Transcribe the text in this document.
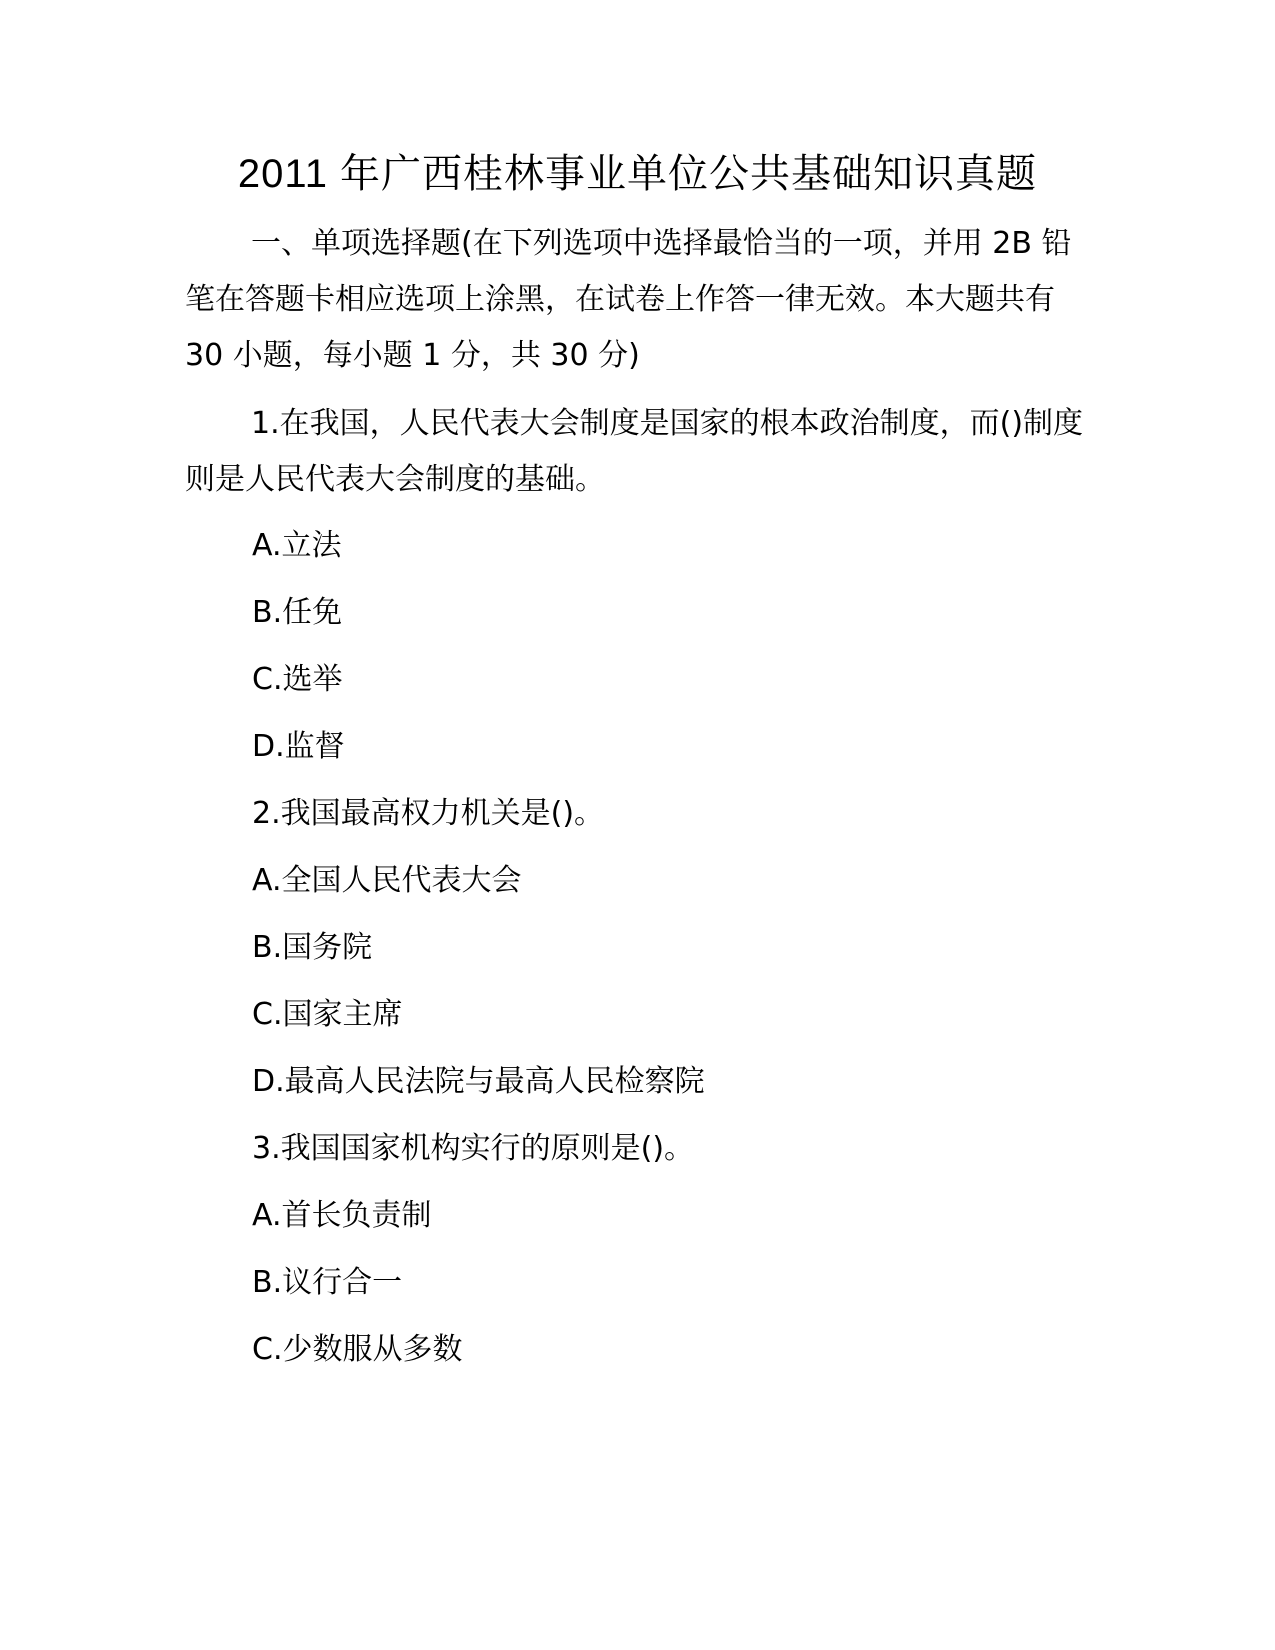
2011 年广西桂林事业单位公共基础知识真题

一、单项选择题(在下列选项中选择最恰当的一项，并用 2B 铅笔在答题卡相应选项上涂黑，在试卷上作答一律无效。本大题共有 30 小题，每小题 1 分，共 30 分)

1.在我国，人民代表大会制度是国家的根本政治制度，而()制度则是人民代表大会制度的基础。

A.立法

B.任免

C.选举

D.监督

2.我国最高权力机关是()。

A.全国人民代表大会

B.国务院

C.国家主席

D.最高人民法院与最高人民检察院

3.我国国家机构实行的原则是()。

A.首长负责制

B.议行合一

C.少数服从多数
